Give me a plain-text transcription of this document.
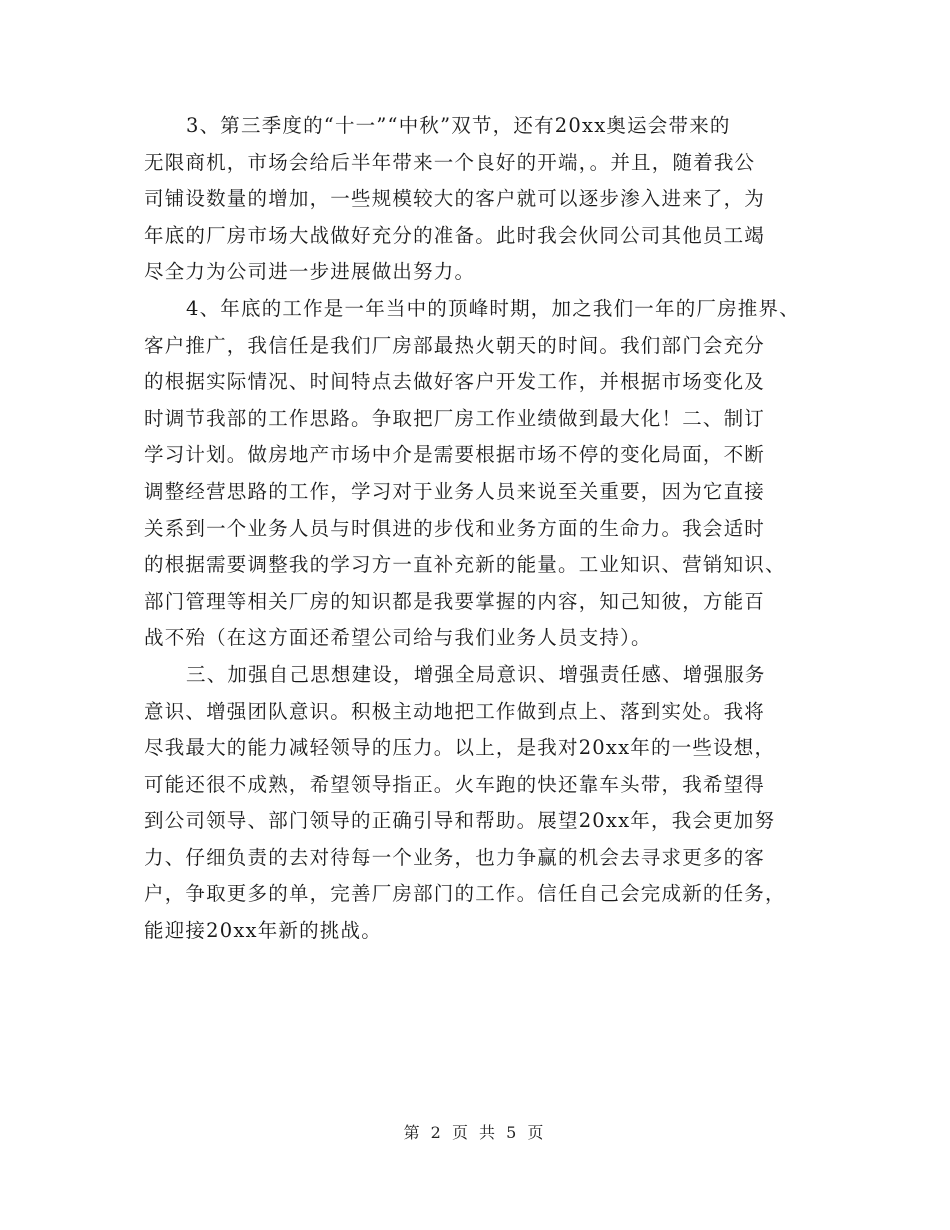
3、第三季度的“十一”“中秋”双节，还有20xx奥运会带来的
无限商机，市场会给后半年带来一个良好的开端，。并且，随着我公
司铺设数量的增加，一些规模较大的客户就可以逐步渗入进来了，为
年底的厂房市场大战做好充分的准备。此时我会伙同公司其他员工竭
尽全力为公司进一步进展做出努力。
4、年底的工作是一年当中的顶峰时期，加之我们一年的厂房推界、
客户推广，我信任是我们厂房部最热火朝天的时间。我们部门会充分
的根据实际情况、时间特点去做好客户开发工作，并根据市场变化及
时调节我部的工作思路。争取把厂房工作业绩做到最大化！二、制订
学习计划。做房地产市场中介是需要根据市场不停的变化局面，不断
调整经营思路的工作，学习对于业务人员来说至关重要，因为它直接
关系到一个业务人员与时俱进的步伐和业务方面的生命力。我会适时
的根据需要调整我的学习方一直补充新的能量。工业知识、营销知识、
部门管理等相关厂房的知识都是我要掌握的内容，知己知彼，方能百
战不殆（在这方面还希望公司给与我们业务人员支持）。
三、加强自己思想建设，增强全局意识、增强责任感、增强服务
意识、增强团队意识。积极主动地把工作做到点上、落到实处。我将
尽我最大的能力减轻领导的压力。以上，是我对20xx年的一些设想，
可能还很不成熟，希望领导指正。火车跑的快还靠车头带，我希望得
到公司领导、部门领导的正确引导和帮助。展望20xx年，我会更加努
力、仔细负责的去对待每一个业务，也力争赢的机会去寻求更多的客
户，争取更多的单，完善厂房部门的工作。信任自己会完成新的任务，
能迎接20xx年新的挑战。
第 2 页 共 5 页
